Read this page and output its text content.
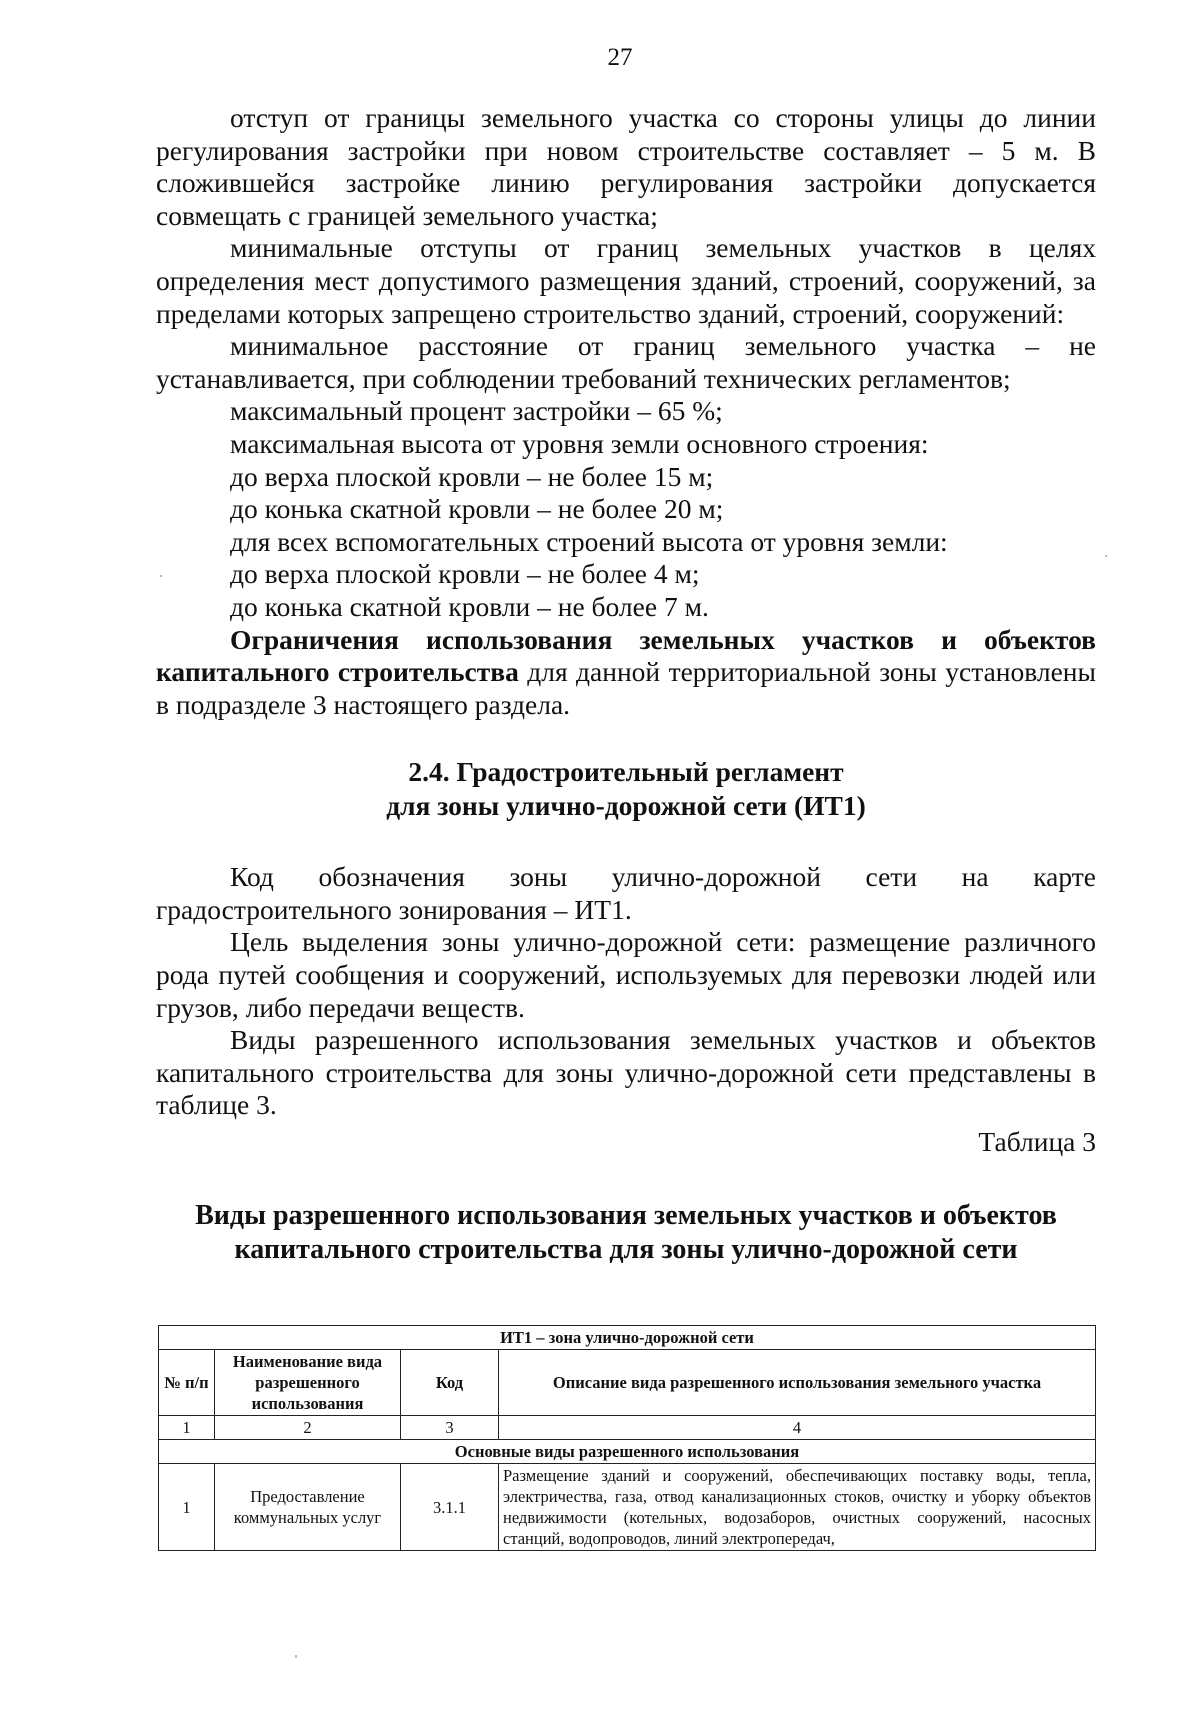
27

отступ от границы земельного участка со стороны улицы до линии регулирования застройки при новом строительстве составляет – 5 м. В сложившейся застройке линию регулирования застройки допускается совмещать с границей земельного участка;

минимальные отступы от границ земельных участков в целях определения мест допустимого размещения зданий, строений, сооружений, за пределами которых запрещено строительство зданий, строений, сооружений:

минимальное расстояние от границ земельного участка – не устанавливается, при соблюдении требований технических регламентов;

максимальный процент застройки – 65 %;

максимальная высота от уровня земли основного строения:

до верха плоской кровли – не более 15 м;

до конька скатной кровли – не более 20 м;

для всех вспомогательных строений высота от уровня земли:

до верха плоской кровли – не более 4 м;

до конька скатной кровли – не более 7 м.

Ограничения использования земельных участков и объектов капитального строительства для данной территориальной зоны установлены в подразделе 3 настоящего раздела.

2.4. Градостроительный регламент
для зоны улично-дорожной сети (ИТ1)

Код обозначения зоны улично-дорожной сети на карте градостроительного зонирования – ИТ1.

Цель выделения зоны улично-дорожной сети: размещение различного рода путей сообщения и сооружений, используемых для перевозки людей или грузов, либо передачи веществ.

Виды разрешенного использования земельных участков и объектов капитального строительства для зоны улично-дорожной сети представлены в таблице 3.

Таблица 3

Виды разрешенного использования земельных участков и объектов
капитального строительства для зоны улично-дорожной сети
ИТ1 – зона улично-дорожной сети			
№ п/п	Наименование вида разрешенного использования	Код	Описание вида разрешенного использования земельного участка
1	2	3	4
Основные виды разрешенного использования			
1	Предоставление коммунальных услуг	3.1.1	Размещение зданий и сооружений, обеспечивающих поставку воды, тепла, электричества, газа, отвод канализационных стоков, очистку и уборку объектов недвижимости (котельных, водозаборов, очистных сооружений, насосных станций, водопроводов, линий электропередач,
